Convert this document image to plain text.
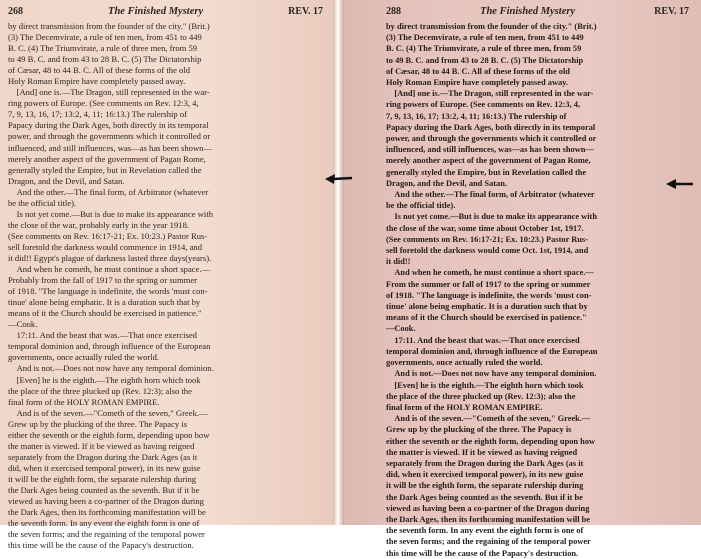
268	The Finished Mystery	REV. 17
by direct transmission from the founder of the city." (Brit.)
(3) The Decemvirate, a rule of ten men, from 451 to 449
B. C. (4) The Triumvirate, a rule of three men, from 59
to 49 B. C. and from 43 to 28 B. C. (5) The Dictatorship
of Cæsar, 48 to 44 B. C. All of these forms of the old
Holy Roman Empire have completely passed away.
 [And] one is.—The Dragon, still represented in the war-
ring powers of Europe. (See comments on Rev. 12:3, 4,
7, 9, 13, 16, 17; 13:2, 4, 11; 16:13.) The rulership of
Papacy during the Dark Ages, both directly in its temporal
power, and through the governments which it controlled or
influenced, and still influences, was—as has been shown—
merely another aspect of the government of Pagan Rome,
generally styled the Empire, but in Revelation called the
Dragon, and the Devil, and Satan.
 And the other.—The final form, of Arbitrator (whatever
be the official title).
 Is not yet come.—But is due to make its appearance with
the close of the war, probably early in the year 1918.
(See comments on Rev. 16:17-21; Ex. 10:23.) Pastor Rus-
sell foretold the darkness would commence in 1914, and
it did!! Egypt's plague of darkness lasted three days(years).
 And when he cometh, he must continue a short space.—
Probably from the fall of 1917 to the spring or summer
of 1918. "The language is indefinite, the words 'must con-
tinue' alone being emphatic. It is a duration such that by
means of it the Church should be exercised in patience."
—Cook.
 17:11. And the beast that was.—That once exercised
temporal dominion and, through influence of the European
governments, once actually ruled the world.
 And is not.—Does not now have any temporal dominion.
 [Even] he is the eighth.—The eighth horn which took
the place of the three plucked up (Rev. 12:3); also the
final form of the HOLY ROMAN EMPIRE.
 And is of the seven.—"Cometh of the seven," Greek.—
Grew up by the plucking of the three. The Papacy is
either the seventh or the eighth form, depending upon how
the matter is viewed. If it be viewed as having reigned
separately from the Dragon during the Dark Ages (as it
did, when it exercised temporal power), in its new guise
it will be the eighth form, the separate rulership during
the Dark Ages being counted as the seventh. But if it be
viewed as having been a co-partner of the Dragon during
the Dark Ages, then its forthcoming manifestation will be
the seventh form. In any event the eighth form is one of
the seven forms; and the regaining of the temporal power
this time will be the cause of the Papacy's destruction.
288	The Finished Mystery	REV. 17
by direct transmission from the founder of the city." (Brit.)
(3) The Decemvirate, a rule of ten men, from 451 to 449
B. C. (4) The Triumvirate, a rule of three men, from 59
to 49 B. C. and from 43 to 28 B. C. (5) The Dictatorship
of Cæsar, 48 to 44 B. C. All of these forms of the old
Holy Roman Empire have completely passed away.
 [And] one is.—The Dragon, still represented in the war-
ring powers of Europe. (See comments on Rev. 12:3, 4,
7, 9, 13, 16, 17; 13:2, 4, 11; 16:13.) The rulership of
Papacy during the Dark Ages, both directly in its temporal
power, and through the governments which it controlled or
influenced, and still influences, was—as has been shown—
merely another aspect of the government of Pagan Rome,
generally styled the Empire, but in Revelation called the
Dragon, and the Devil, and Satan.
 And the other.—The final form, of Arbitrator (whatever
be the official title).
 Is not yet come.—But is due to make its appearance with
the close of the war, some time about October 1st, 1917.
(See comments on Rev. 16:17-21; Ex. 10:23.) Pastor Rus-
sell foretold the darkness would come Oct. 1st, 1914, and
it did!!
 And when he cometh, he must continue a short space.—
From the summer or fall of 1917 to the spring or summer
of 1918. "The language is indefinite, the words 'must con-
tinue' alone being emphatic. It is a duration such that by
means of it the Church should be exercised in patience."
—Cook.
 17:11. And the beast that was.—That once exercised
temporal dominion and, through influence of the European
governments, once actually ruled the world.
 And is not.—Does not now have any temporal dominion.
 [Even] he is the eighth.—The eighth horn which took
the place of the three plucked up (Rev. 12:3); also the
final form of the HOLY ROMAN EMPIRE.
 And is of the seven.—"Cometh of the seven," Greek.—
Grew up by the plucking of the three. The Papacy is
either the seventh or the eighth form, depending upon how
the matter is viewed. If it be viewed as having reigned
separately from the Dragon during the Dark Ages (as it
did, when it exercised temporal power), in its new guise
it will be the eighth form, the separate rulership during
the Dark Ages being counted as the seventh. But if it be
viewed as having been a co-partner of the Dragon during
the Dark Ages, then its forthcoming manifestation will be
the seventh form. In any event the eighth form is one of
the seven forms; and the regaining of the temporal power
this time will be the cause of the Papacy's destruction.
